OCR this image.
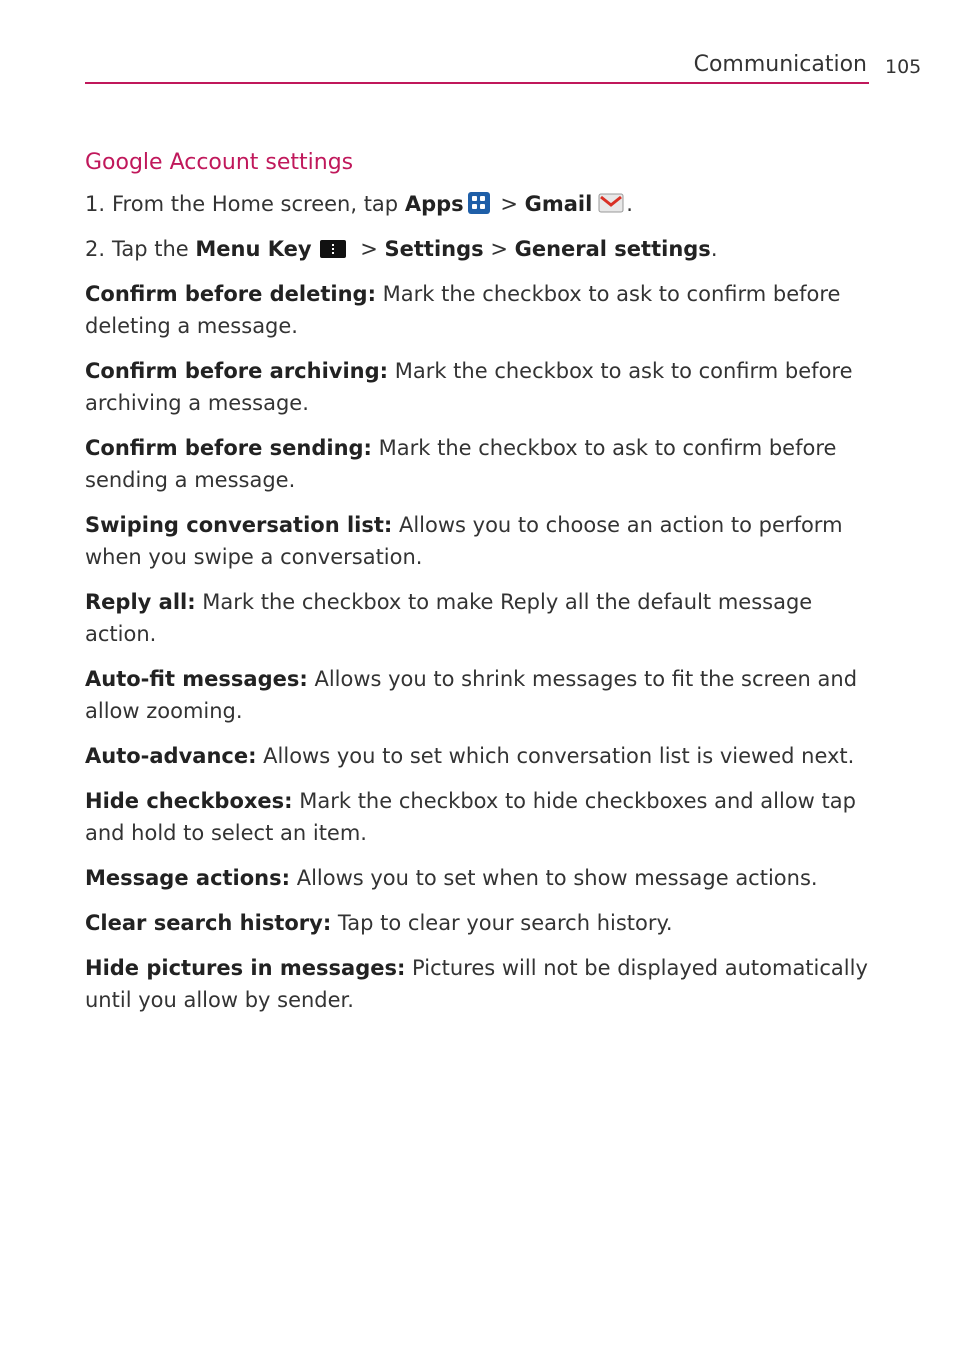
Communication 105
Google Account settings
1. From the Home screen, tap Apps
> Gmail .
2. Tap the Menu Key
> Settings > General settings.
Confirm before deleting: Mark the checkbox to ask to confirm before deleting a message.
Confirm before archiving: Mark the checkbox to ask to confirm before archiving a message.
Confirm before sending: Mark the checkbox to ask to confirm before sending a message.
Swiping conversation list: Allows you to choose an action to perform when you swipe a conversation.
Reply all: Mark the checkbox to make Reply all the default message action.
Auto-fit messages: Allows you to shrink messages to fit the screen and allow zooming.
Auto-advance: Allows you to set which conversation list is viewed next.
Hide checkboxes: Mark the checkbox to hide checkboxes and allow tap and hold to select an item.
Message actions: Allows you to set when to show message actions.
Clear search history: Tap to clear your search history.
Hide pictures in messages: Pictures will not be displayed automatically until you allow by sender.
